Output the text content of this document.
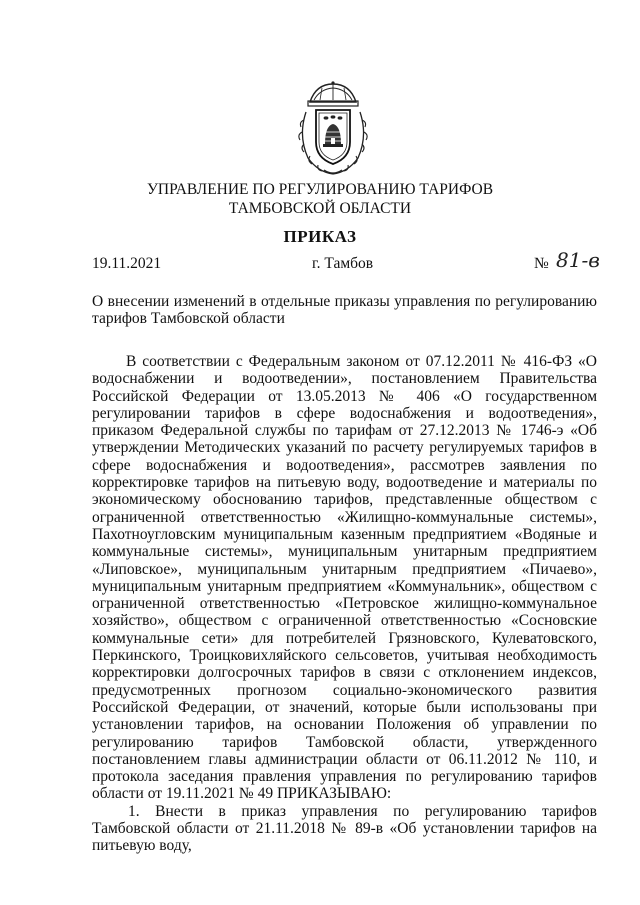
УПРАВЛЕНИЕ ПО РЕГУЛИРОВАНИЮ ТАРИФОВ
ТАМБОВСКОЙ ОБЛАСТИ
ПРИКАЗ
19.11.2021	г. Тамбов	№ 81-в
О внесении изменений в отдельные приказы управления по регулированию тарифов Тамбовской области

В соответствии с Федеральным законом от 07.12.2011 № 416-ФЗ «О водоснабжении и водоотведении», постановлением Правительства Российской Федерации от 13.05.2013 № 406 «О государственном регулировании тарифов в сфере водоснабжения и водоотведения», приказом Федеральной службы по тарифам от 27.12.2013 № 1746-э «Об утверждении Методических указаний по расчету регулируемых тарифов в сфере водоснабжения и водоотведения», рассмотрев заявления по корректировке тарифов на питьевую воду, водоотведение и материалы по экономическому обоснованию тарифов, представленные обществом с ограниченной ответственностью «Жилищно-коммунальные системы», Пахотноугловским муниципальным казенным предприятием «Водяные и коммунальные системы», муниципальным унитарным предприятием «Липовское», муниципальным унитарным предприятием «Пичаево», муниципальным унитарным предприятием «Коммунальник», обществом с ограниченной ответственностью «Петровское жилищно-коммунальное хозяйство», обществом с ограниченной ответственностью «Сосновские коммунальные сети» для потребителей Грязновского, Кулеватовского, Перкинского, Троицковихляйского сельсоветов, учитывая необходимость корректировки долгосрочных тарифов в связи с отклонением индексов, предусмотренных прогнозом социально-экономического развития Российской Федерации, от значений, которые были использованы при установлении тарифов, на основании Положения об управлении по регулированию тарифов Тамбовской области, утвержденного постановлением главы администрации области от 06.11.2012 № 110, и протокола заседания правления управления по регулированию тарифов области от 19.11.2021 № 49 ПРИКАЗЫВАЮ:

1. Внести в приказ управления по регулированию тарифов Тамбовской области от 21.11.2018 № 89-в «Об установлении тарифов на питьевую воду,
